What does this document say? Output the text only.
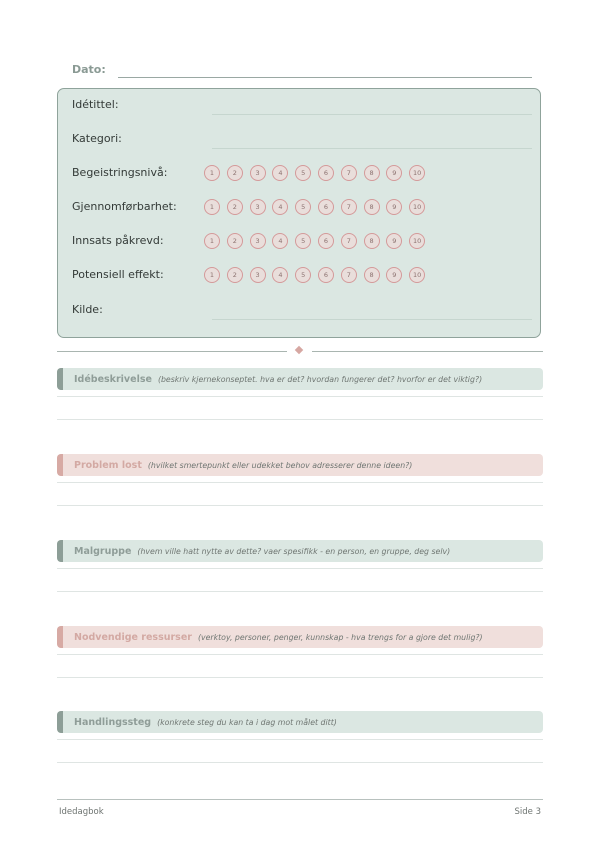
Dato:
Idétittel:
Kategori:
Begeistringsnivå:	1	2	3	4	5	6	7	8	9	10
Gjennomførbarhet:	1	2	3	4	5	6	7	8	9	10
Innsats påkrevd:	1	2	3	4	5	6	7	8	9	10
Potensiell effekt:	1	2	3	4	5	6	7	8	9	10
Kilde:
Idébeskrivelse (beskriv kjernekonseptet. hva er det? hvordan fungerer det? hvorfor er det viktig?)
Problem lost (hvilket smertepunkt eller udekket behov adresserer denne ideen?)
Malgruppe (hvem ville hatt nytte av dette? vaer spesifikk - en person, en gruppe, deg selv)
Nodvendige ressurser (verktoy, personer, penger, kunnskap - hva trengs for a gjore det mulig?)
Handlingssteg (konkrete steg du kan ta i dag mot målet ditt)
Idedagbok	Side 3
